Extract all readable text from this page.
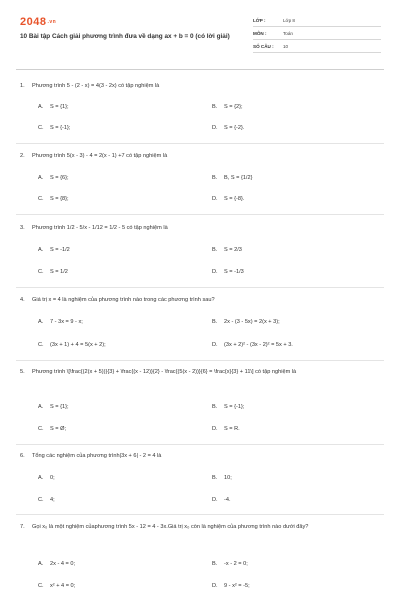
2048.vn
10 Bài tập Cách giải phương trình đưa về dạng ax + b = 0 (có lời giải)
LỚP :	Lớp 8
MÔN :	Toán
SỐ CÂU : 10
1. Phương trình 5 - (2 - x) = 4(3 - 2x) có tập nghiệm là
A. S = {1};	B. S = {2};
C. S = {-1};	D. S = {-2}.
2. Phương trình 5(x - 3) - 4 = 2(x - 1) +7 có tập nghiệm là
A. S = {6};	B. B, S = {1/2}
C. S = {8};	D. S = {-8}.
3. Phương trình 1/2 - 5/x - 1/12 = 1/2 - 5 có tập nghiệm là
A. S = -1/2	B. S = 2/3
C. S = 1/2	D. S = -1/3
4. Giá trị x = 4 là nghiệm của phương trình nào trong các phương trình sau?
A. 7 - 3x = 9 - x;	B. 2x - (3 - 5x) = 2(x + 3);
C. (3x + 1) + 4 = 5(x + 2);	D. (3x + 2)² - (3x - 2)² = 5x + 3.
5. Phương trình \[\frac{(2(x + 5))}{3} + \frac{(x - 12)}{2} - \frac{(5(x - 2))}{6} = \frac{x}{3} + 11\] có tập nghiệm là
A. S = {1};	B. S = {-1};
C. S = Ø;	D. S = R.
6. Tổng các nghiệm của phương trình|3x + 6| - 2 = 4 là
A. 0;	B. 10;
C. 4;	D. -4.
7. Gọi x₀ là một nghiệm củaphương trình 5x - 12 = 4 - 3x.Giá trị x₀ còn là nghiệm của phương trình nào dưới đây?
A. 2x - 4 = 0;	B. -x - 2 = 0;
C. x² + 4 = 0;	D. 9 - x² = -5;
